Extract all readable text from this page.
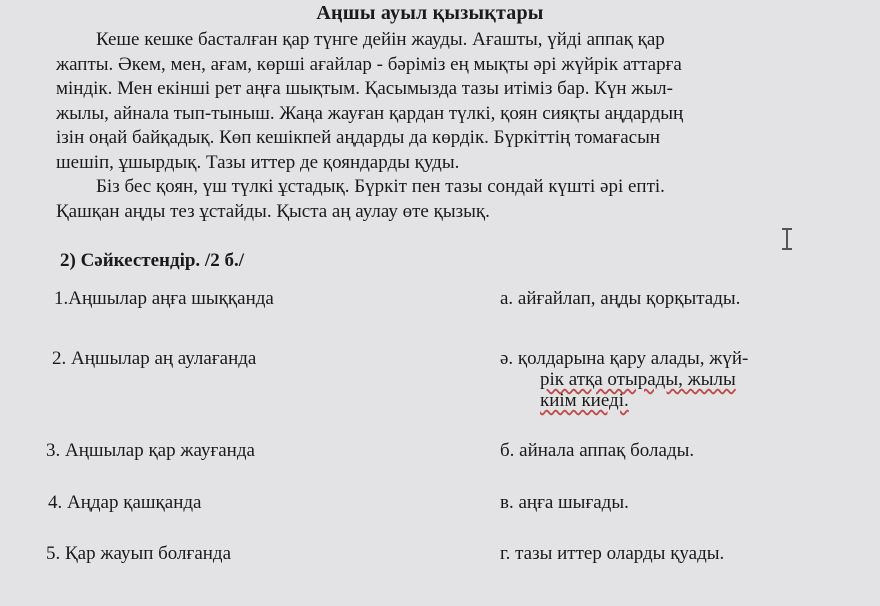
Аңшы ауыл қызықтары
Кеше кешке басталған қар түнге дейін жауды. Ағашты, үйді аппақ қар
жапты. Әкем, мен, ағам, көрші ағайлар - бәріміз ең мықты әрі жүйрік аттарға
міндік. Мен екінші рет аңға шықтым. Қасымызда тазы итіміз бар. Күн жыл-
жылы, айнала тып-тыныш. Жаңа жауған қардан түлкі, қоян сияқты аңдардың
ізін оңай байқадық. Көп кешікпей аңдарды да көрдік. Бүркіттің томағасын
шешіп, ұшырдық. Тазы иттер де қояндарды қуды.
Біз бес қоян, үш түлкі ұстадық. Бүркіт пен тазы сондай күшті әрі епті.
Қашқан аңды тез ұстайды. Қыста аң аулау өте қызық.
2) Сәйкестендір. /2 б./
1.Аңшылар аңға шыққанда
2. Аңшылар аң аулағанда
3. Аңшылар қар жауғанда
4. Аңдар қашқанда
5. Қар жауып болғанда
а. айғайлап, аңды қорқытады.
ә. қолдарына қару алады, жүй-
рік атқа отырады, жылы
киім киеді.
б. айнала аппақ болады.
в. аңға шығады.
г. тазы иттер оларды қуады.
